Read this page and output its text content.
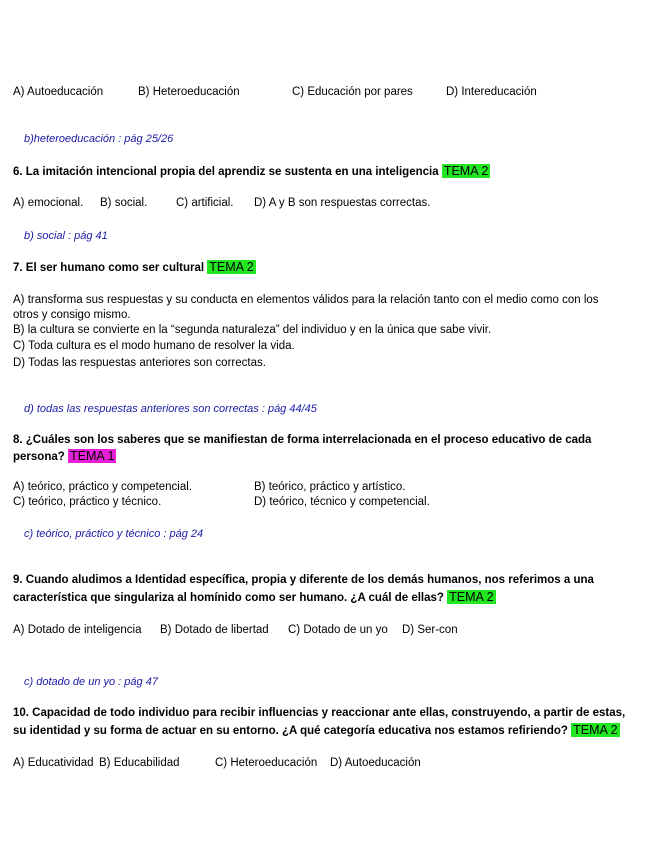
A) Autoeducación	B) Heteroeducación	C) Educación por pares	D) Intereducación
b)heteroeducación : pág 25/26
6. La imitación intencional propia del aprendiz se sustenta en una inteligencia TEMA 2
A) emocional. B) social. C) artificial. D) A y B son respuestas correctas.
b) social : pág 41
7. El ser humano como ser cultural TEMA 2
A) transforma sus respuestas y su conducta en elementos válidos para la relación tanto con el medio como con los
otros y consigo mismo.
B) la cultura se convierte en la “segunda naturaleza” del individuo y en la única que sabe vivir.
C) Toda cultura es el modo humano de resolver la vida.
D) Todas las respuestas anteriores son correctas.
d) todas las respuestas anteriores son correctas : pág 44/45
8. ¿Cuáles son los saberes que se manifiestan de forma interrelacionada en el proceso educativo de cada
persona? TEMA 1
A) teórico, práctico y competencial.	B) teórico, práctico y artístico.
C) teórico, práctico y técnico.	D) teórico, técnico y competencial.
c) teórico, práctico y técnico : pág 24
9. Cuando aludimos a Identidad específica, propia y diferente de los demás humanos, nos referimos a una
característica que singulariza al homínido como ser humano. ¿A cuál de ellas? TEMA 2
A) Dotado de inteligencia B) Dotado de libertad C) Dotado de un yo D) Ser-con
c) dotado de un yo : pág 47
10. Capacidad de todo individuo para recibir influencias y reaccionar ante ellas, construyendo, a partir de estas,
su identidad y su forma de actuar en su entorno. ¿A qué categoría educativa nos estamos refiriendo? TEMA 2
A) Educatividad B) Educabilidad	C) Heteroeducación D) Autoeducación
